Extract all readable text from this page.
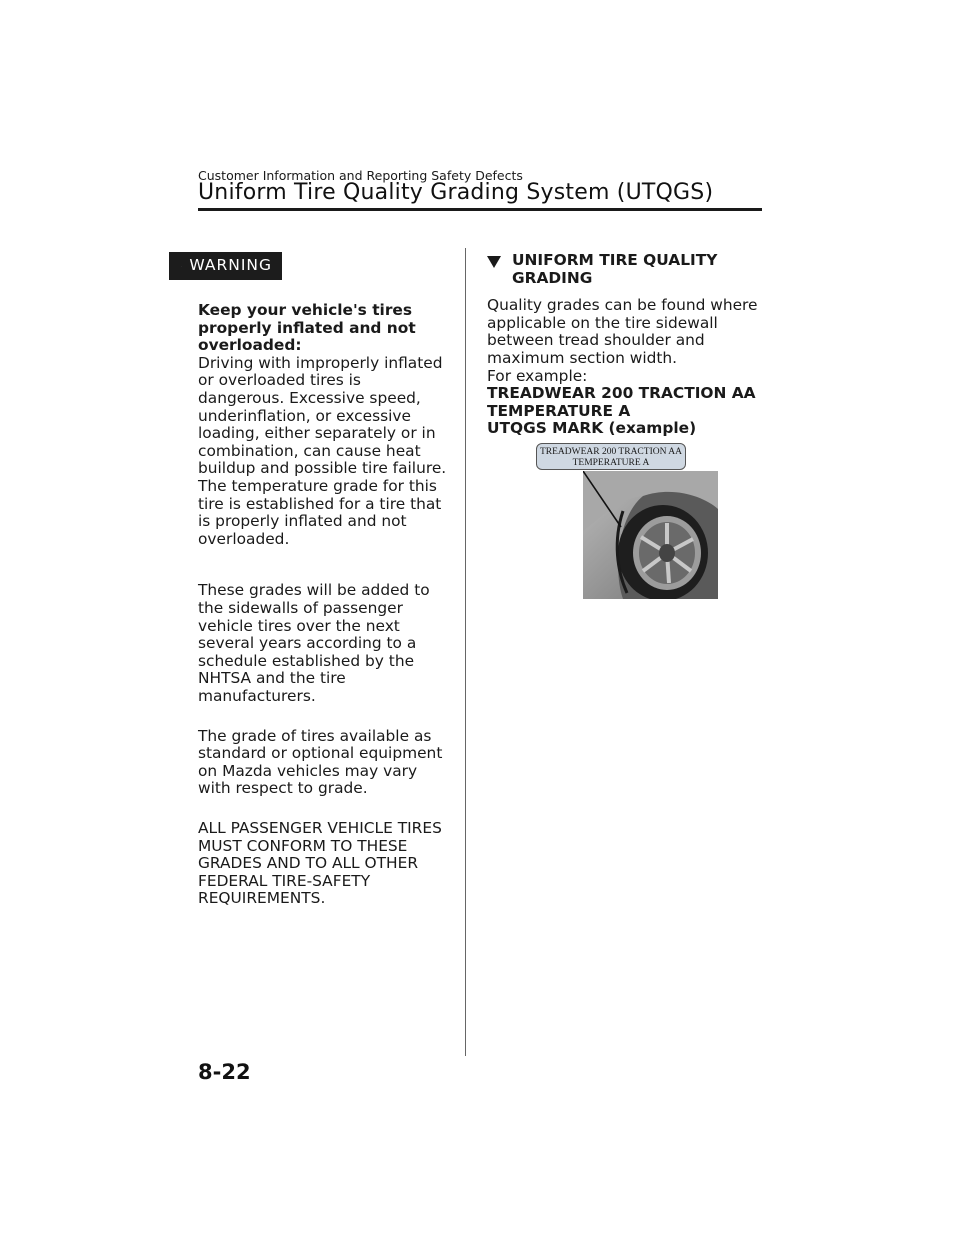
Customer Information and Reporting Safety Defects
Uniform Tire Quality Grading System (UTQGS)
WARNING
Keep your vehicle's tires properly inflated and not overloaded:
Driving with improperly inflated or overloaded tires is dangerous. Excessive speed, underinflation, or excessive loading, either separately or in combination, can cause heat buildup and possible tire failure. The temperature grade for this tire is established for a tire that is properly inflated and not overloaded.
These grades will be added to the sidewalls of passenger vehicle tires over the next several years according to a schedule established by the NHTSA and the tire manufacturers.
The grade of tires available as standard or optional equipment on Mazda vehicles may vary with respect to grade.
ALL PASSENGER VEHICLE TIRES MUST CONFORM TO THESE GRADES AND TO ALL OTHER FEDERAL TIRE-SAFETY REQUIREMENTS.
UNIFORM TIRE QUALITY GRADING
Quality grades can be found where applicable on the tire sidewall between tread shoulder and maximum section width.
For example:
TREADWEAR 200 TRACTION AA
TEMPERATURE A
UTQGS MARK (example)
TREADWEAR 200 TRACTION AA
TEMPERATURE A
8-22
